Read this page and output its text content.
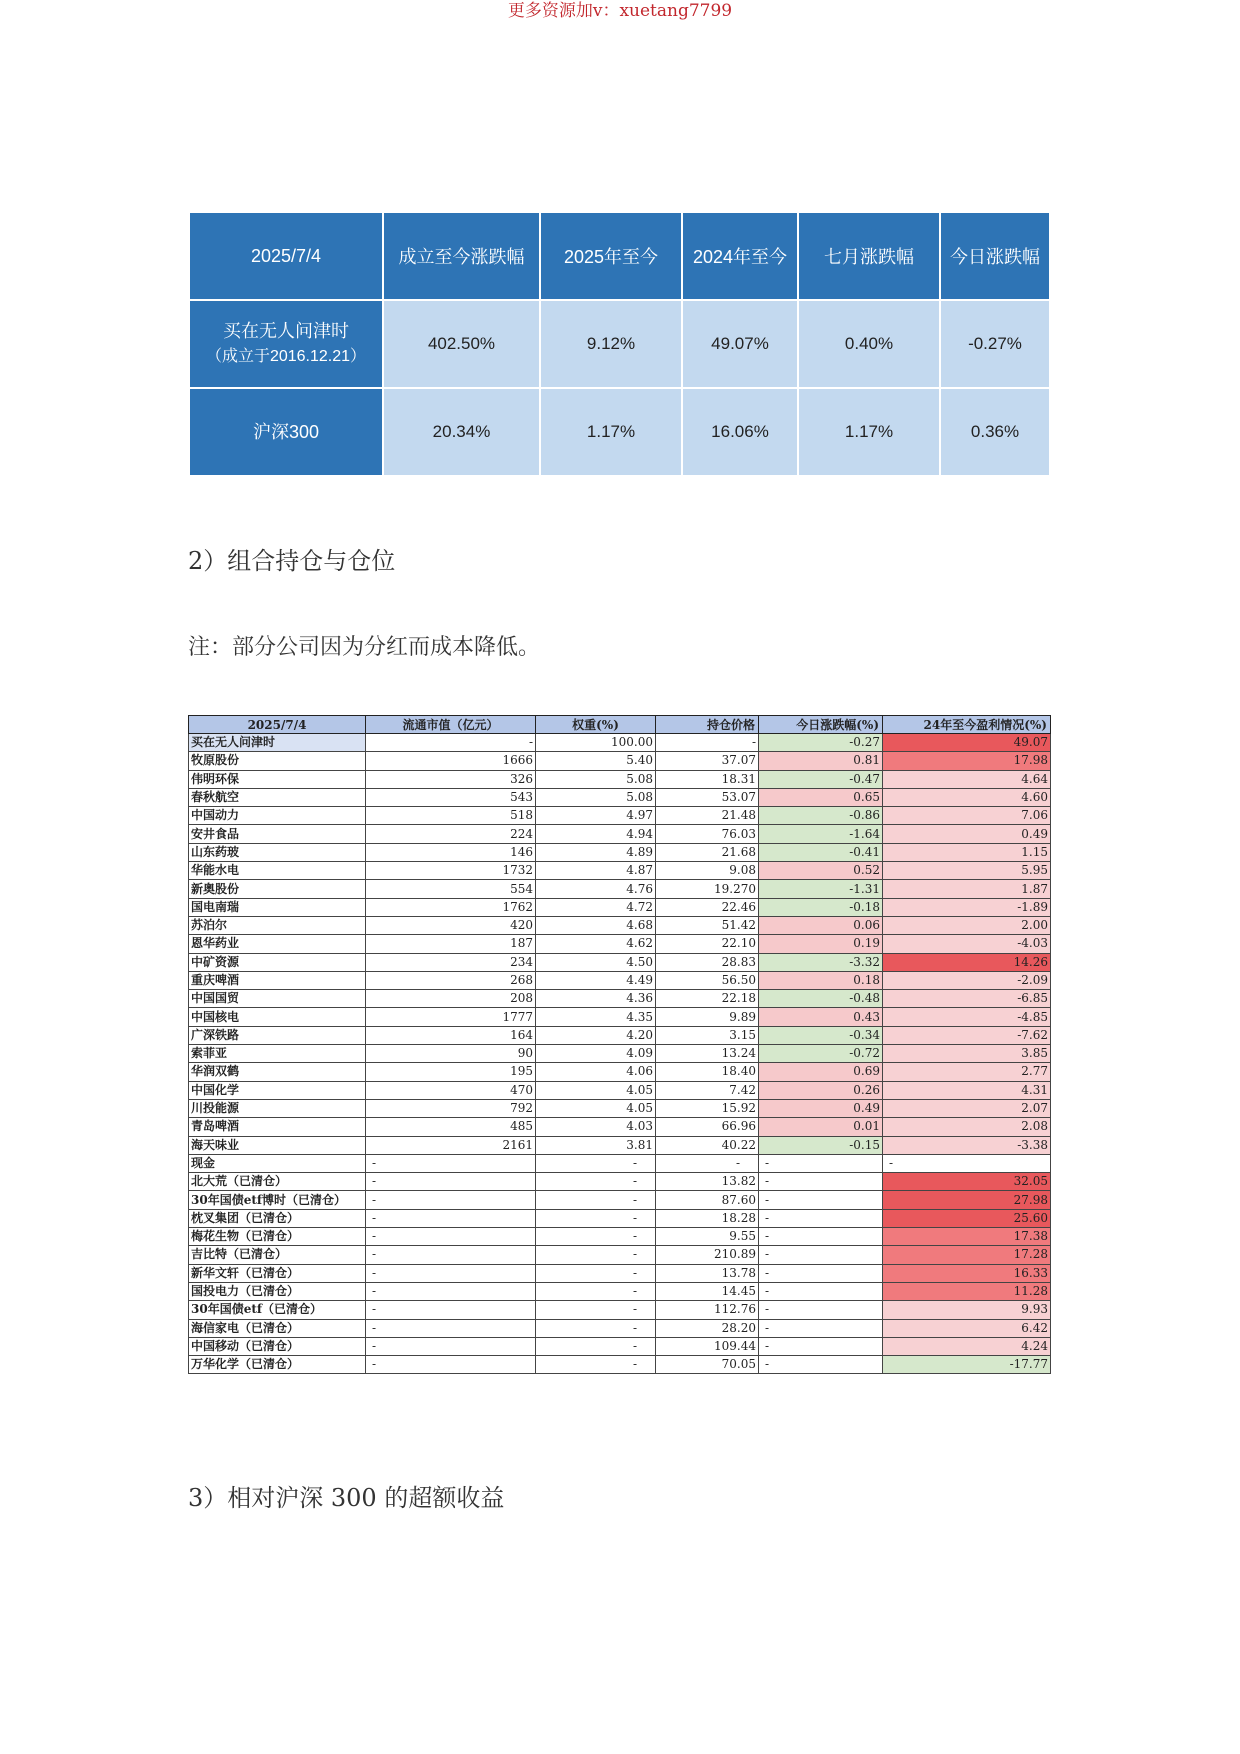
更多资源加v：xuetang7799
2025/7/4	成立至今涨跌幅	2025年至今	2024年至今	七月涨跌幅	今日涨跌幅

买在无人问津时
（成立于2016.12.21）	402.50%	9.12%	49.07%	0.40%	-0.27%
沪深300	20.34%	1.17%	16.06%	1.17%	0.36%
2）组合持仓与仓位
注：部分公司因为分红而成本降低。
2025/7/4	流通市值（亿元）	权重(%)	持仓价格	今日涨跌幅(%)	24年至今盈利情况(%)
买在无人问津时	-	100.00	-	-0.27	49.07
牧原股份	1666	5.40	37.07	0.81	17.98
伟明环保	326	5.08	18.31	-0.47	4.64
春秋航空	543	5.08	53.07	0.65	4.60
中国动力	518	4.97	21.48	-0.86	7.06
安井食品	224	4.94	76.03	-1.64	0.49
山东药玻	146	4.89	21.68	-0.41	1.15
华能水电	1732	4.87	9.08	0.52	5.95
新奥股份	554	4.76	19.270	-1.31	1.87
国电南瑞	1762	4.72	22.46	-0.18	-1.89
苏泊尔	420	4.68	51.42	0.06	2.00
恩华药业	187	4.62	22.10	0.19	-4.03
中矿资源	234	4.50	28.83	-3.32	14.26
重庆啤酒	268	4.49	56.50	0.18	-2.09
中国国贸	208	4.36	22.18	-0.48	-6.85
中国核电	1777	4.35	9.89	0.43	-4.85
广深铁路	164	4.20	3.15	-0.34	-7.62
索菲亚	90	4.09	13.24	-0.72	3.85
华润双鹤	195	4.06	18.40	0.69	2.77
中国化学	470	4.05	7.42	0.26	4.31
川投能源	792	4.05	15.92	0.49	2.07
青岛啤酒	485	4.03	66.96	0.01	2.08
海天味业	2161	3.81	40.22	-0.15	-3.38
现金	-	-	-	-	-
北大荒（已清仓）	-	-	13.82	-	32.05
30年国债etf博时（已清仓）	-	-	87.60	-	27.98
枕叉集团（已清仓）	-	-	18.28	-	25.60
梅花生物（已清仓）	-	-	9.55	-	17.38
吉比特（已清仓）	-	-	210.89	-	17.28
新华文轩（已清仓）	-	-	13.78	-	16.33
国投电力（已清仓）	-	-	14.45	-	11.28
30年国债etf（已清仓）	-	-	112.76	-	9.93
海信家电（已清仓）	-	-	28.20	-	6.42
中国移动（已清仓）	-	-	109.44	-	4.24
万华化学（已清仓）	-	-	70.05	-	-17.77
3）相对沪深 300 的超额收益
